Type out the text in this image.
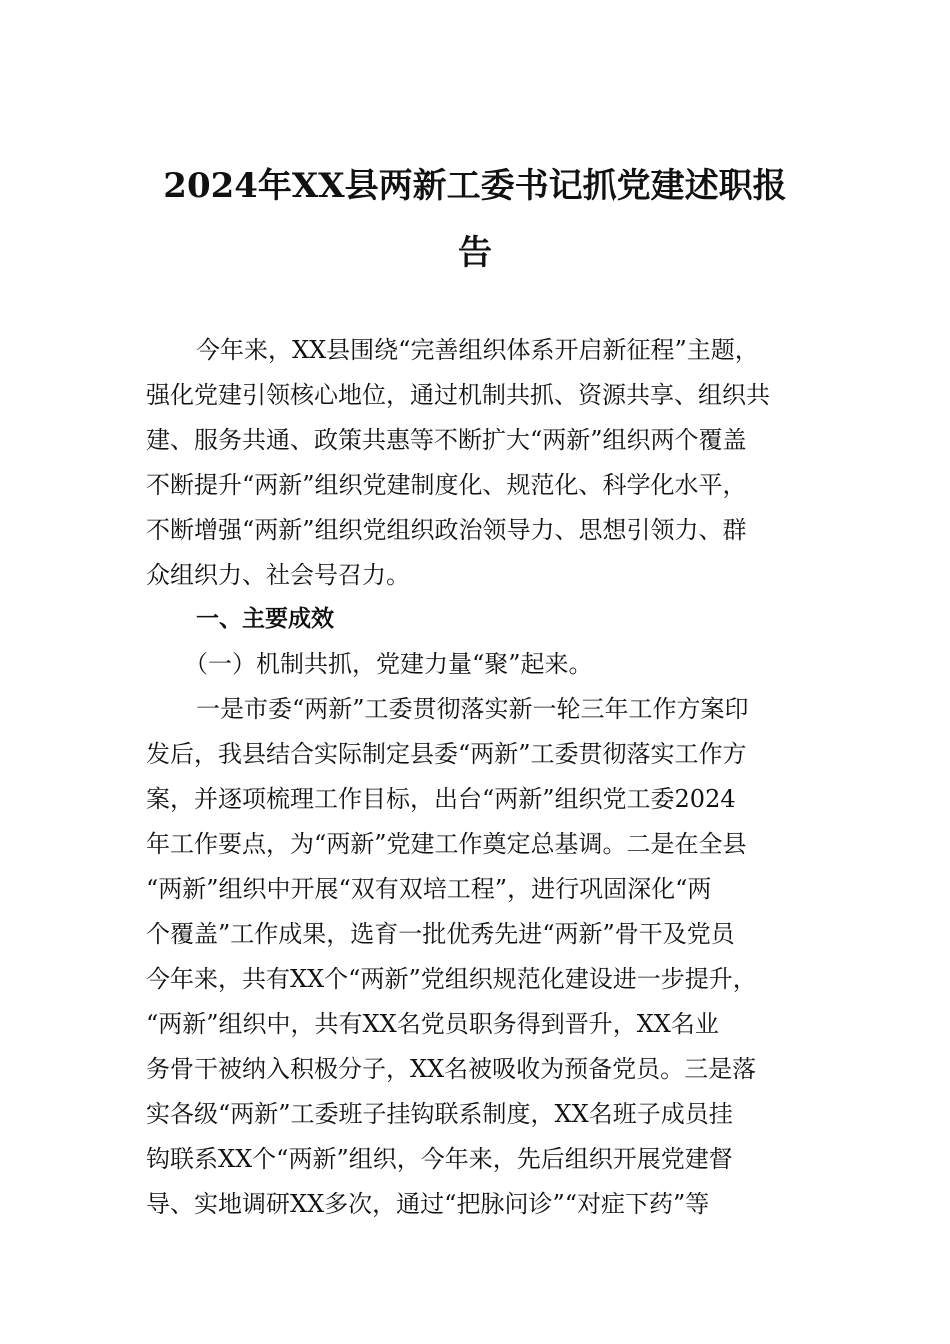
2024年XX县两新工委书记抓党建述职报
告
今年来，XX县围绕“完善组织体系开启新征程”主题，
强化党建引领核心地位，通过机制共抓、资源共享、组织共
建、服务共通、政策共惠等不断扩大“两新”组织两个覆盖
不断提升“两新”组织党建制度化、规范化、科学化水平，
不断增强“两新”组织党组织政治领导力、思想引领力、群
众组织力、社会号召力。
一、主要成效
（一）机制共抓，党建力量“聚”起来。
一是市委“两新”工委贯彻落实新一轮三年工作方案印
发后，我县结合实际制定县委“两新”工委贯彻落实工作方
案，并逐项梳理工作目标，出台“两新”组织党工委2024
年工作要点，为“两新”党建工作奠定总基调。二是在全县
“两新”组织中开展“双有双培工程”，进行巩固深化“两
个覆盖”工作成果，选育一批优秀先进“两新”骨干及党员
今年来，共有XX个“两新”党组织规范化建设进一步提升，
“两新”组织中，共有XX名党员职务得到晋升，XX名业
务骨干被纳入积极分子，XX名被吸收为预备党员。三是落
实各级“两新”工委班子挂钩联系制度，XX名班子成员挂
钩联系XX个“两新”组织，今年来，先后组织开展党建督
导、实地调研XX多次，通过“把脉问诊”“对症下药”等
